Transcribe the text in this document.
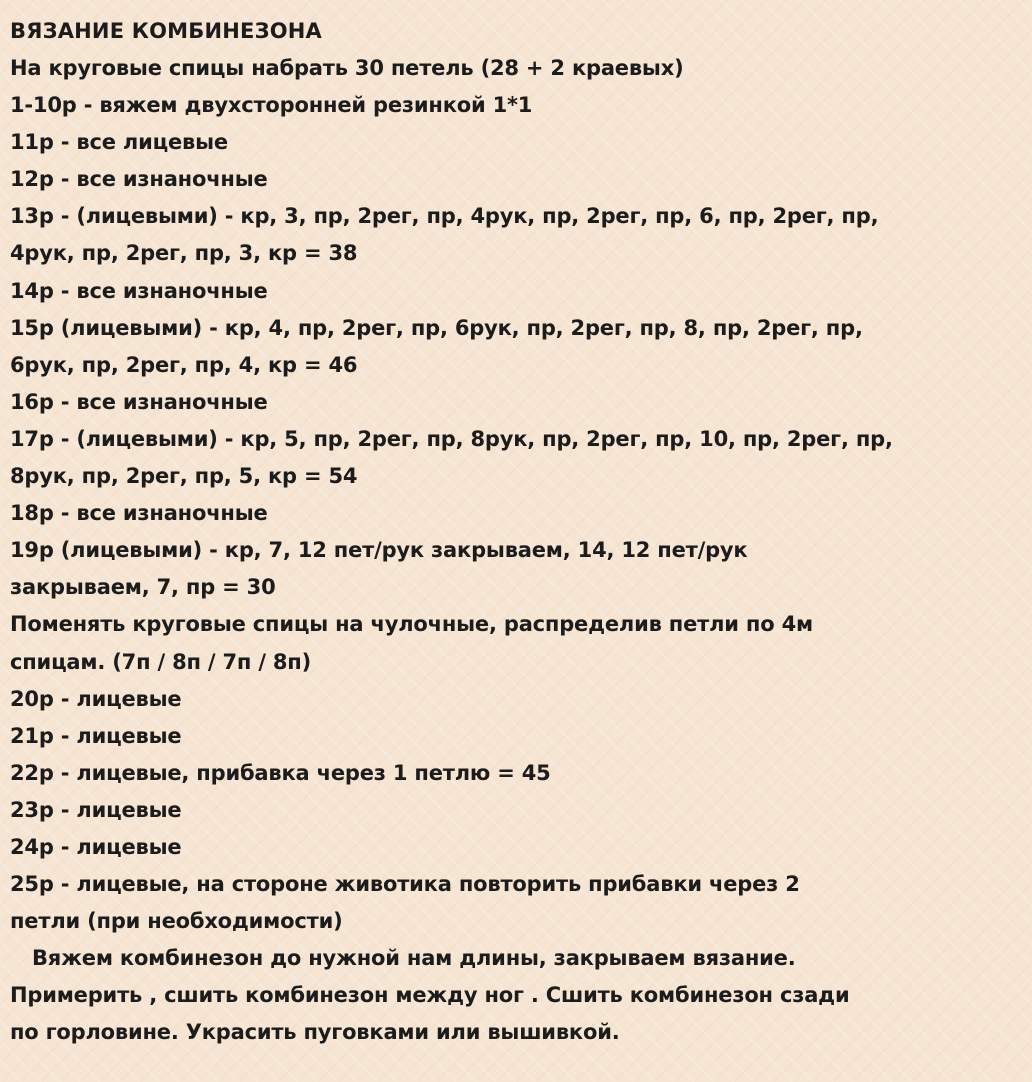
ВЯЗАНИЕ КОМБИНЕЗОНА
На круговые спицы набрать 30 петель (28 + 2 краевых)
1-10р - вяжем двухсторонней резинкой 1*1
11р - все лицевые
12р - все изнаночные
13р - (лицевыми) - кр, 3, пр, 2рег, пр, 4рук, пр, 2рег, пр, 6, пр, 2рег, пр,
4рук, пр, 2рег, пр, 3, кр = 38
14р - все изнаночные
15р (лицевыми) - кр, 4, пр, 2рег, пр, 6рук, пр, 2рег, пр, 8, пр, 2рег, пр,
6рук, пр, 2рег, пр, 4, кр = 46
16р - все изнаночные
17р - (лицевыми) - кр, 5, пр, 2рег, пр, 8рук, пр, 2рег, пр, 10, пр, 2рег, пр,
8рук, пр, 2рег, пр, 5, кр = 54
18р - все изнаночные
19р (лицевыми) - кр, 7, 12 пет/рук закрываем, 14, 12 пет/рук
закрываем, 7, пр = 30
Поменять круговые спицы на чулочные, распределив петли по 4м
спицам. (7п / 8п / 7п / 8п)
20р - лицевые
21р - лицевые
22р - лицевые, прибавка через 1 петлю = 45
23р - лицевые
24р - лицевые
25р - лицевые, на стороне животика повторить прибавки через 2
петли (при необходимости)
Вяжем комбинезон до нужной нам длины, закрываем вязание.
Примерить , сшить комбинезон между ног . Сшить комбинезон сзади
по горловине. Украсить пуговками или вышивкой.
